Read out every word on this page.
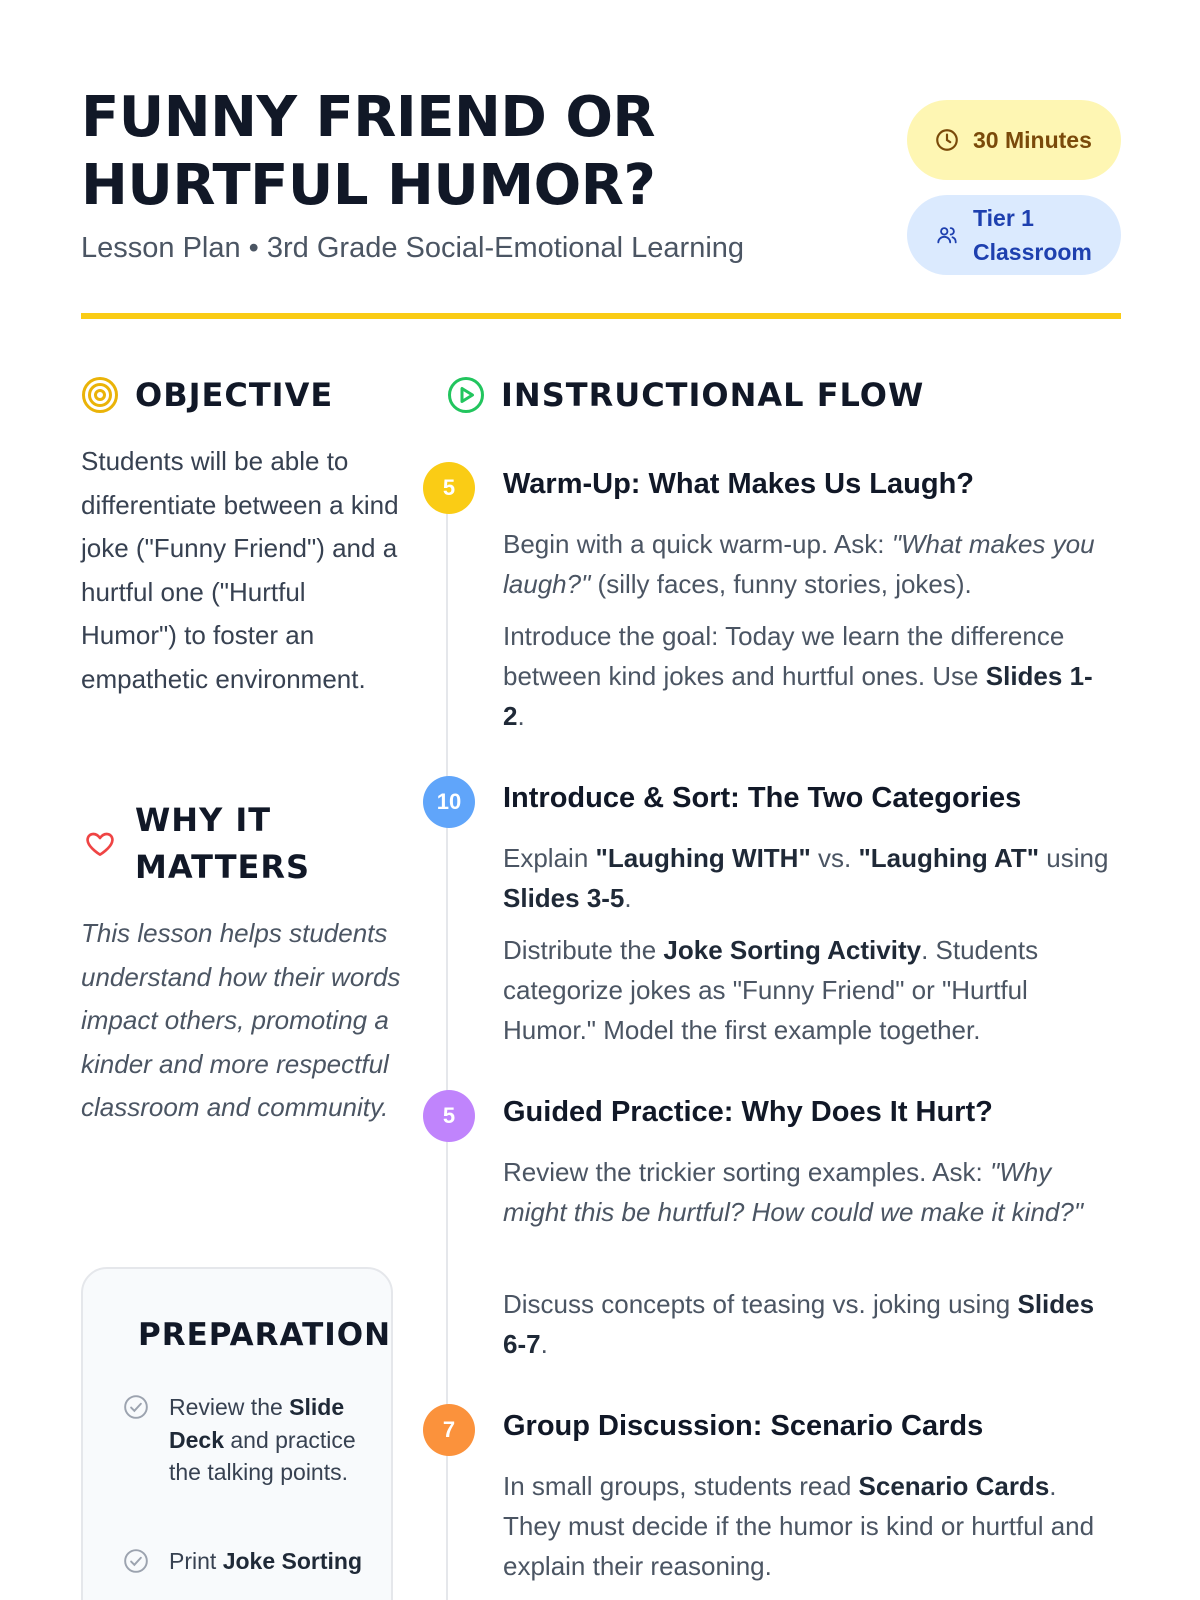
FUNNY FRIEND OR HURTFUL HUMOR?
Lesson Plan • 3rd Grade Social-Emotional Learning
30 Minutes
Tier 1 Classroom
OBJECTIVE

Students will be able to differentiate between a kind joke ("Funny Friend") and a hurtful one ("Hurtful Humor") to foster an empathetic environment.

WHY IT MATTERS

This lesson helps students understand how their words impact others, promoting a kinder and more respectful classroom and community.

PREPARATION
Review the Slide Deck and practice the talking points.
Print Joke Sorting
INSTRUCTIONAL FLOW
5	Warm-Up: What Makes Us Laugh?

Begin with a quick warm-up. Ask: "What makes you laugh?" (silly faces, funny stories, jokes).

Introduce the goal: Today we learn the difference between kind jokes and hurtful ones. Use Slides 1-2.

10	Introduce & Sort: The Two Categories

Explain "Laughing WITH" vs. "Laughing AT" using Slides 3-5.

Distribute the Joke Sorting Activity. Students categorize jokes as "Funny Friend" or "Hurtful Humor." Model the first example together.

5	Guided Practice: Why Does It Hurt?

Review the trickier sorting examples. Ask: "Why might this be hurtful? How could we make it kind?"

Discuss concepts of teasing vs. joking using Slides 6-7.

7	Group Discussion: Scenario Cards

In small groups, students read Scenario Cards. They must decide if the humor is kind or hurtful and explain their reasoning.
